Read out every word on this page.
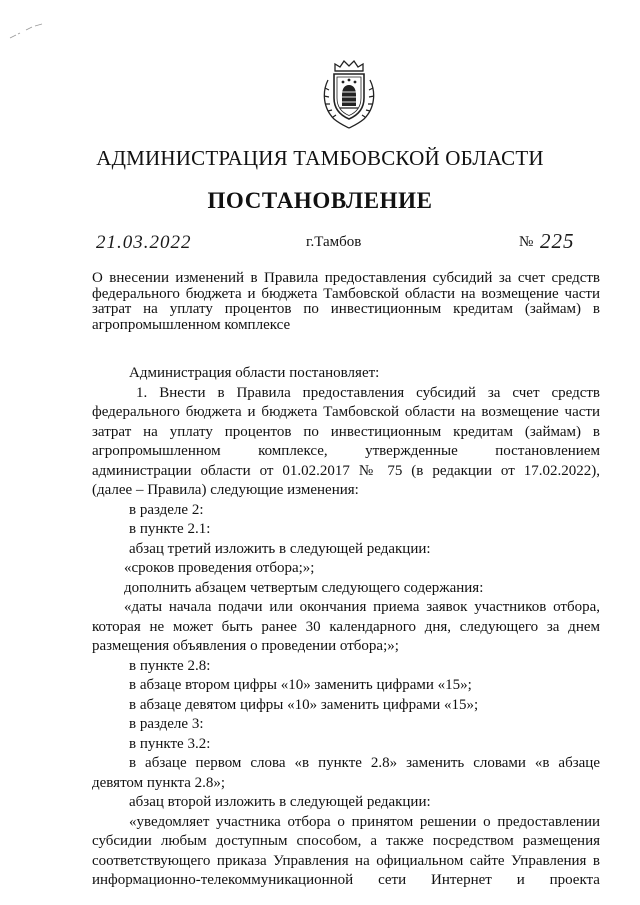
АДМИНИСТРАЦИЯ ТАМБОВСКОЙ ОБЛАСТИ
ПОСТАНОВЛЕНИЕ
21.03.2022	г.Тамбов	№ 225
О внесении изменений в Правила предоставления субсидий за счет средств федерального бюджета и бюджета Тамбовской области на возмещение части затрат на уплату процентов по инвестиционным кредитам (займам) в агропромышленном комплексе
Администрация области постановляет:
1. Внести в Правила предоставления субсидий за счет средств
федерального бюджета и бюджета Тамбовской области на возмещение части
затрат на уплату процентов по инвестиционным кредитам (займам) в
агропромышленном комплексе, утвержденные постановлением
администрации области от 01.02.2017 № 75 (в редакции от 17.02.2022),
(далее – Правила) следующие изменения:
в разделе 2:
в пункте 2.1:
абзац третий изложить в следующей редакции:
«сроков проведения отбора;»;
дополнить абзацем четвертым следующего содержания:
«даты начала подачи или окончания приема заявок участников отбора,
которая не может быть ранее 30 календарного дня, следующего за днем
размещения объявления о проведении отбора;»;
в пункте 2.8:
в абзаце втором цифры «10» заменить цифрами «15»;
в абзаце девятом цифры «10» заменить цифрами «15»;
в разделе 3:
в пункте 3.2:
в абзаце первом слова «в пункте 2.8» заменить словами «в абзаце
девятом пункта 2.8»;
абзац второй изложить в следующей редакции:
«уведомляет участника отбора о принятом решении о предоставлении
субсидии любым доступным способом, а также посредством размещения
соответствующего приказа Управления на официальном сайте Управления в
информационно-телекоммуникационной сети Интернет и проекта
